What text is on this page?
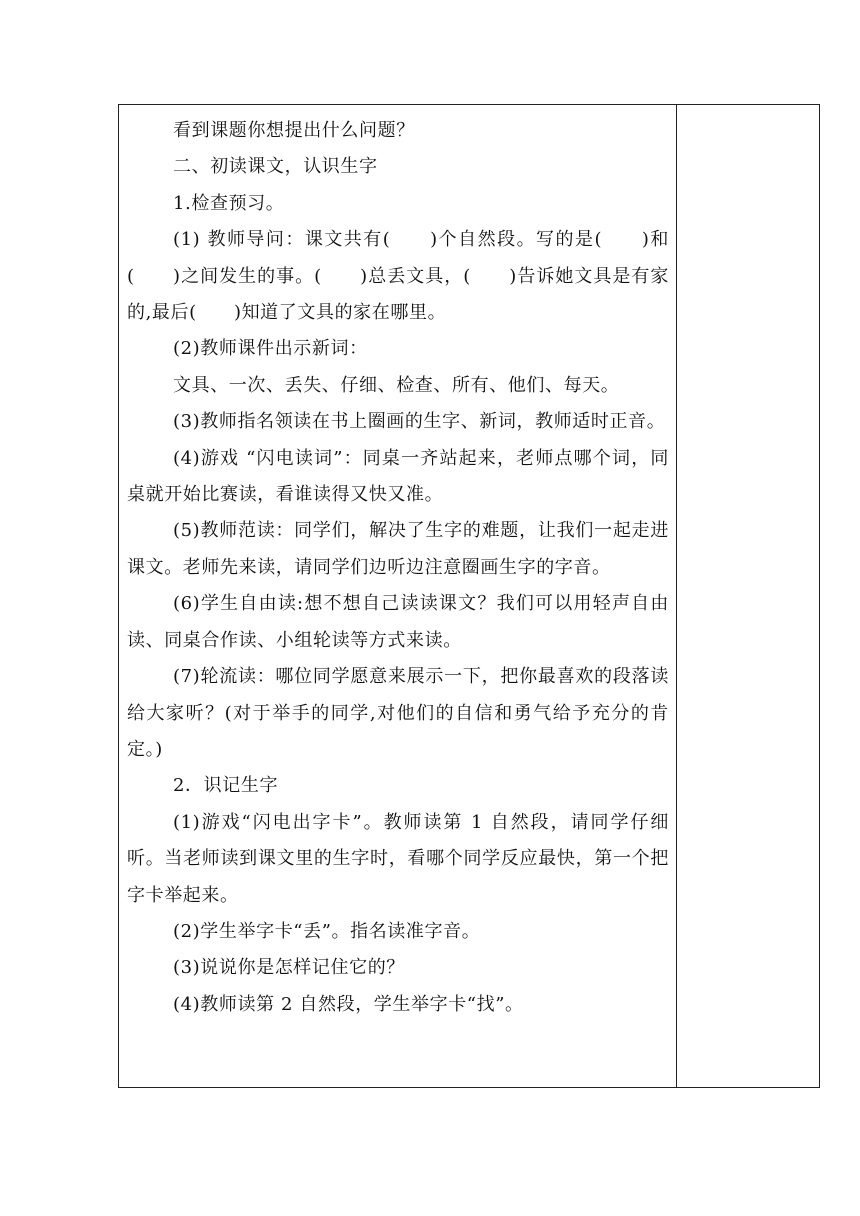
看到课题你想提出什么问题？

二、初读课文，认识生字

1.检查预习。

(1) 教师导问：课文共有(　　)个自然段。写的是(　　)和(　　)之间发生的事。(　　)总丢文具，(　　)告诉她文具是有家的,最后(　　)知道了文具的家在哪里。

(2)教师课件出示新词：

文具、一次、丢失、仔细、检查、所有、他们、每天。

(3)教师指名领读在书上圈画的生字、新词，教师适时正音。

(4)游戏 “闪电读词”：同桌一齐站起来，老师点哪个词，同桌就开始比赛读，看谁读得又快又准。

(5)教师范读：同学们，解决了生字的难题，让我们一起走进课文。老师先来读，请同学们边听边注意圈画生字的字音。

(6)学生自由读:想不想自己读读课文？我们可以用轻声自由读、同桌合作读、小组轮读等方式来读。

(7)轮流读：哪位同学愿意来展示一下，把你最喜欢的段落读给大家听？(对于举手的同学,对他们的自信和勇气给予充分的肯定。)

2．识记生字

(1)游戏“闪电出字卡”。教师读第 1 自然段，请同学仔细听。当老师读到课文里的生字时，看哪个同学反应最快，第一个把字卡举起来。

(2)学生举字卡“丢”。指名读准字音。

(3)说说你是怎样记住它的？

(4)教师读第 2 自然段，学生举字卡“找”。
